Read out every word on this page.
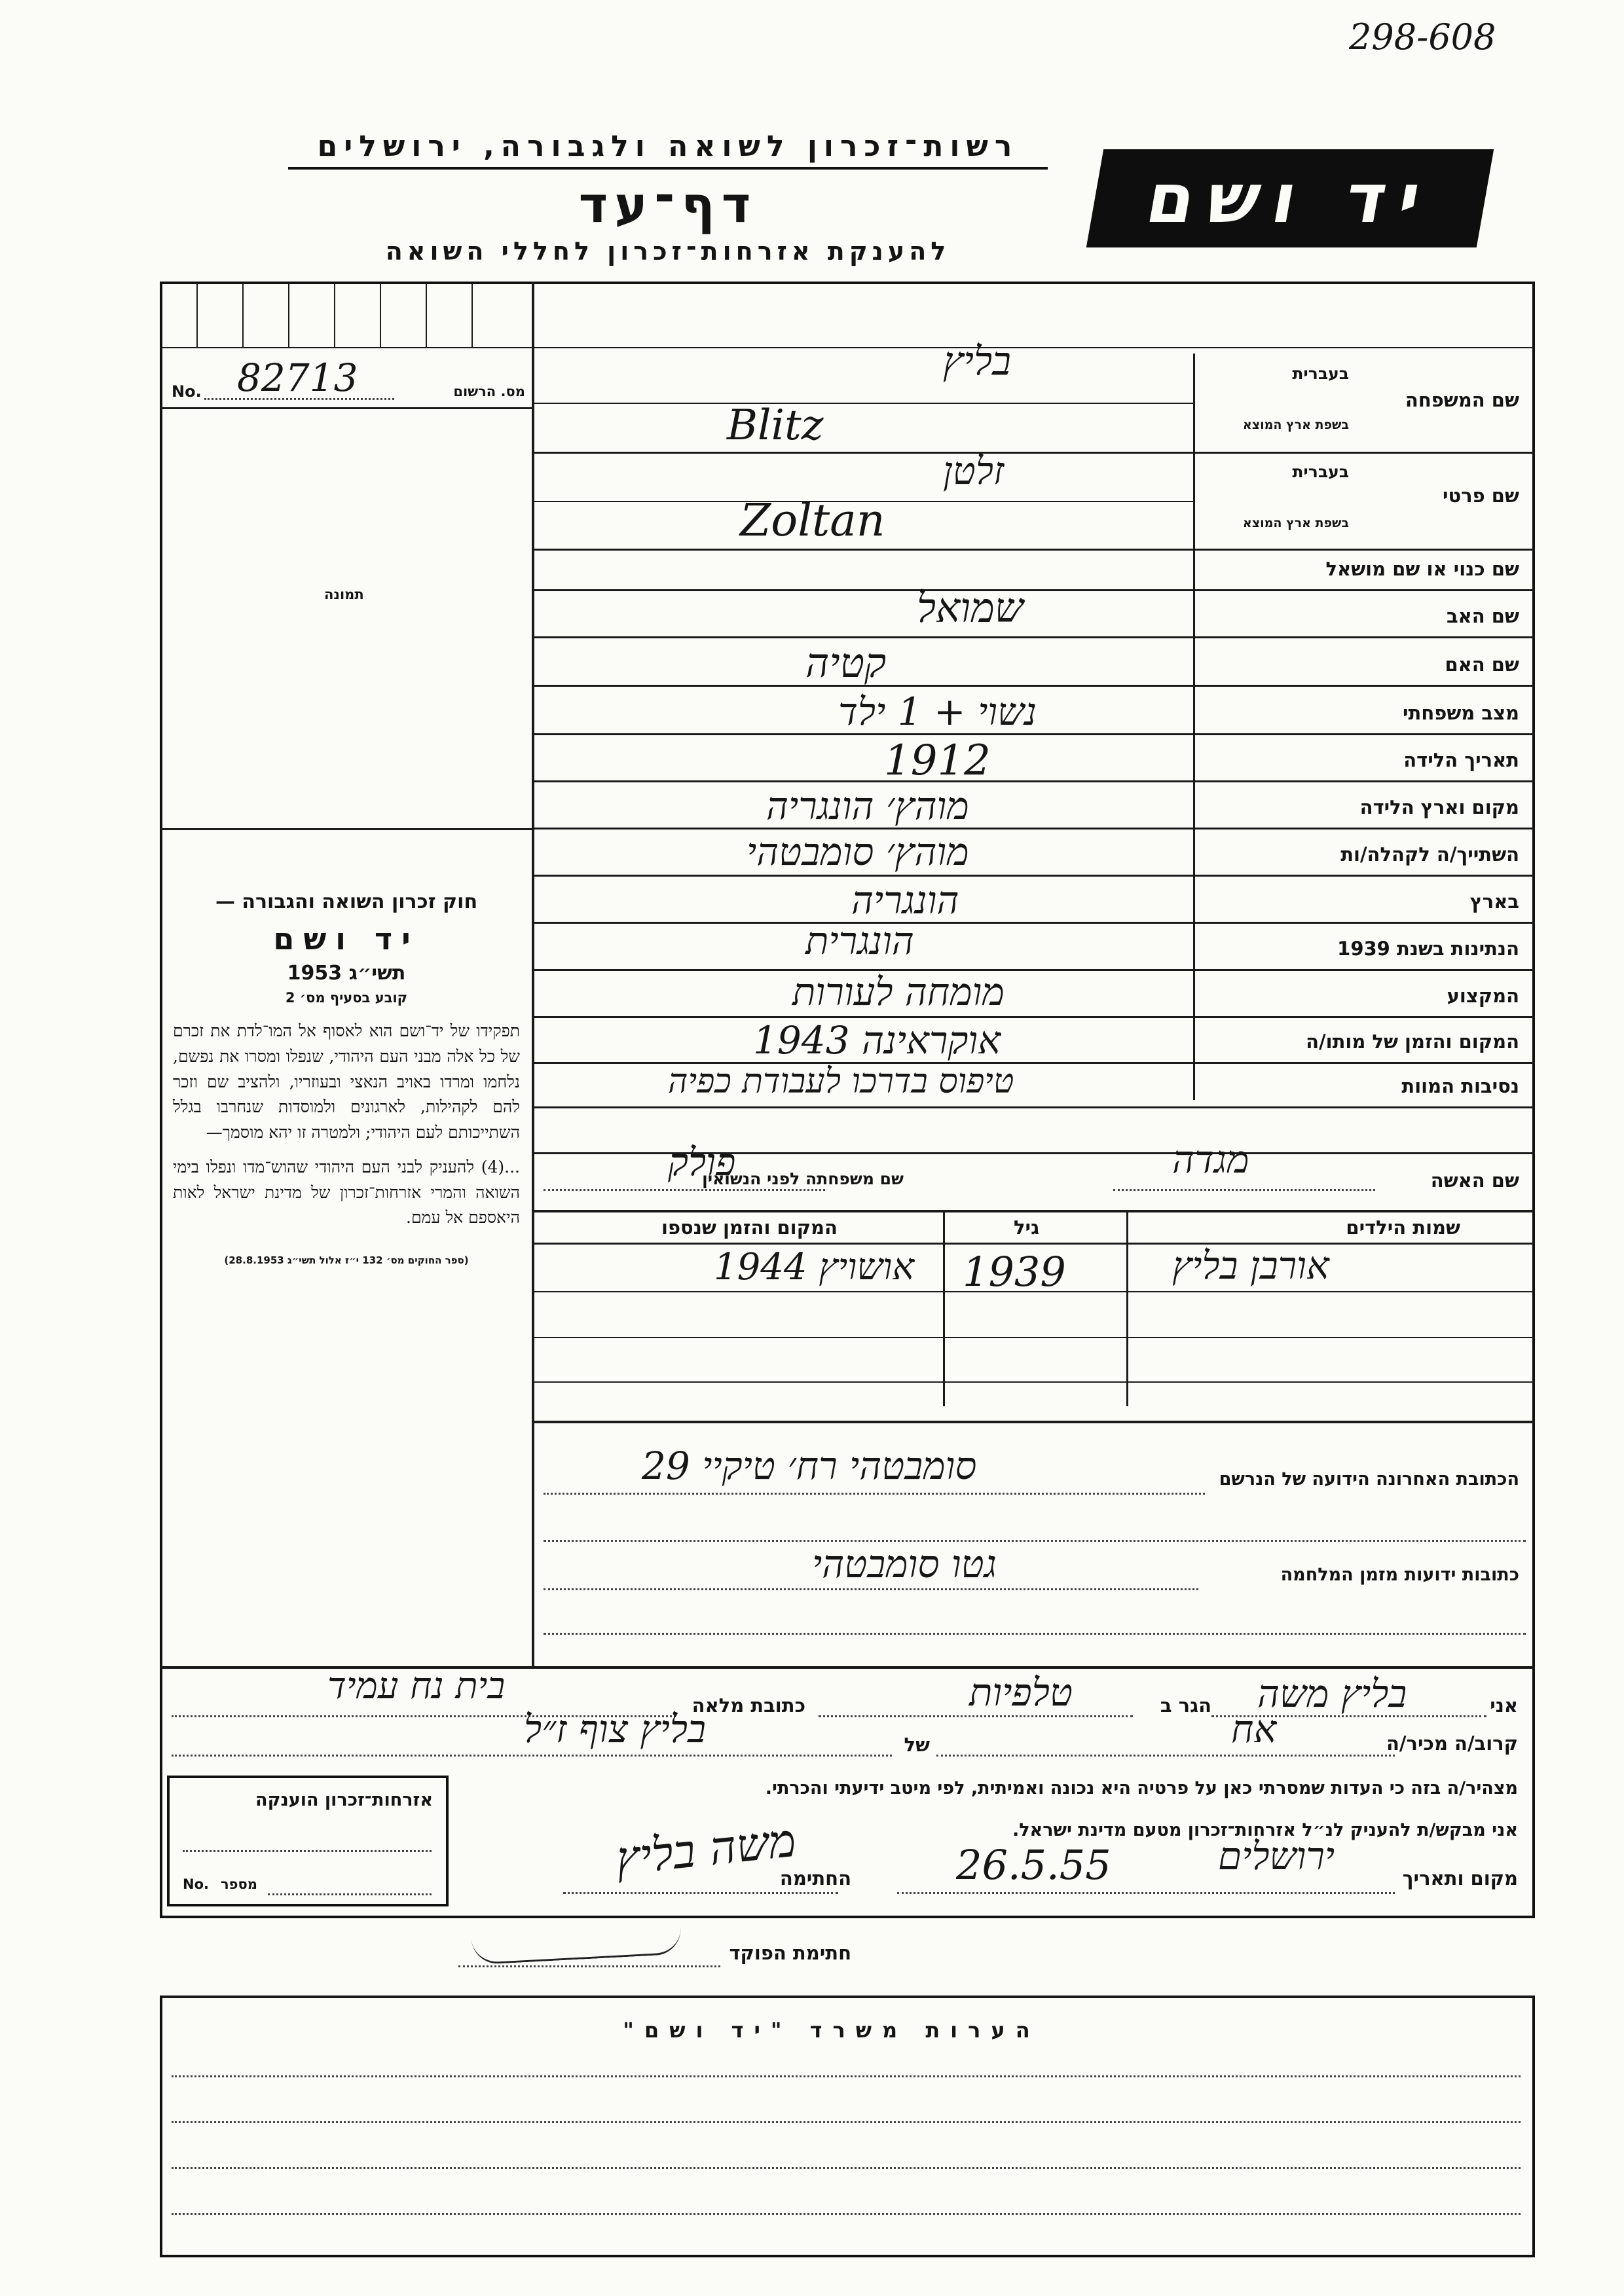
298-608
רשות־זכרון לשואה ולגבורה, ירושלים
דף־עד
להענקת אזרחות־זכרון לחללי השואה
יד ושם
No. 82713	מס. הרשום
תמונה
חוק זכרון השואה והגבורה —
יד ושם
תשי״ג 1953
קובע בסעיף מס׳ 2
תפקידו של יד־ושם הוא לאסוף אל המו־לדת את זכרם של כל אלה מבני העם היהודי, שנפלו ומסרו את נפשם, נלחמו ומרדו באויב הנאצי ובעוזריו, ולהציב שם וזכר להם לקהילות, לארגונים ולמוסדות שנחרבו בגלל השתייכותם לעם היהודי; ולמטרה זו יהא מוסמך—
...(4) להעניק לבני העם היהודי שהוש־מדו ונפלו בימי השואה והמרי אזרחות־זכרון של מדינת ישראל לאות היאספם אל עמם.
(ספר החוקים מס׳ 132 י״ז אלול תשי״ג 28.8.1953)
שם המשפחה
בעברית
בשפת ארץ המוצא
בליץ
Blitz
שם פרטי
בעברית
בשפת ארץ המוצא
זלטן
Zoltan
שם כנוי או שם מושאל
שם האב
שמואל
שם האם
קטיה
מצב משפחתי
נשוי + 1 ילד
תאריך הלידה
1912
מקום וארץ הלידה
מוהץ׳ הונגריה
השתייך/ה לקהלה/ות
מוהץ׳ סומבטהי
בארץ
הונגריה
הנתינות בשנת 1939
הונגרית
המקצוע
מומחה לעורות
המקום והזמן של מותו/ה
אוקראינה 1943
נסיבות המוות
טיפוס בדרכו לעבודת כפיה
שם האשה
מגדה
שם משפחתה לפני הנשואין
פולק
שמות הילדים
גיל
המקום והזמן שנספו
אורבן בליץ
1939
אושויץ 1944
הכתובת האחרונה הידועה של הנרשם
סומבטהי רח׳ טיקיי 29
כתובות ידועות מזמן המלחמה
גטו סומבטהי
אני
בליץ משה
הגר ב
טלפיות
כתובת מלאה
בית נח עמיד
קרוב/ה מכיר/ה
אח
של
בליץ צוף ז״ל
מצהיר/ה בזה כי העדות שמסרתי כאן על פרטיה היא נכונה ואמיתית, לפי מיטב ידיעתי והכרתי.
אני מבקש/ת להעניק לנ״ל אזרחות־זכרון מטעם מדינת ישראל.
מקום ותאריך
ירושלים
26.5.55
החתימה
משה בליץ
חתימת הפוקד
אזרחות־זכרון הוענקה
No. מספר
הערות משרד "יד ושם"
